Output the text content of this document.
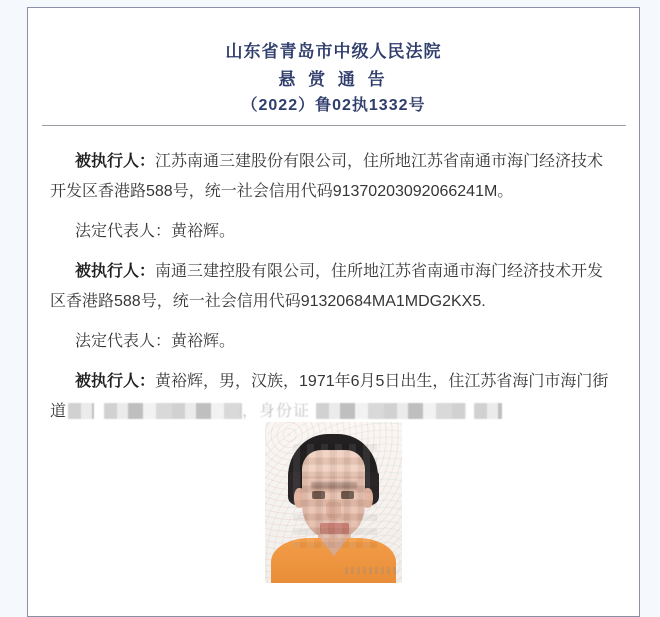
山东省青岛市中级人民法院
悬 赏 通 告
（2022）鲁02执1332号

被执行人：江苏南通三建股份有限公司，住所地江苏省南通市海门经济技术开发区香港路588号，统一社会信用代码91370203092066241M。

法定代表人：黄裕辉。

被执行人：南通三建控股有限公司，住所地江苏省南通市海门经济技术开发区香港路588号，统一社会信用代码91320684MA1MDG2KX5.

法定代表人：黄裕辉。

被执行人：黄裕辉，男，汉族，1971年6月5日出生，住江苏省海门市海门街

道	，身份证
